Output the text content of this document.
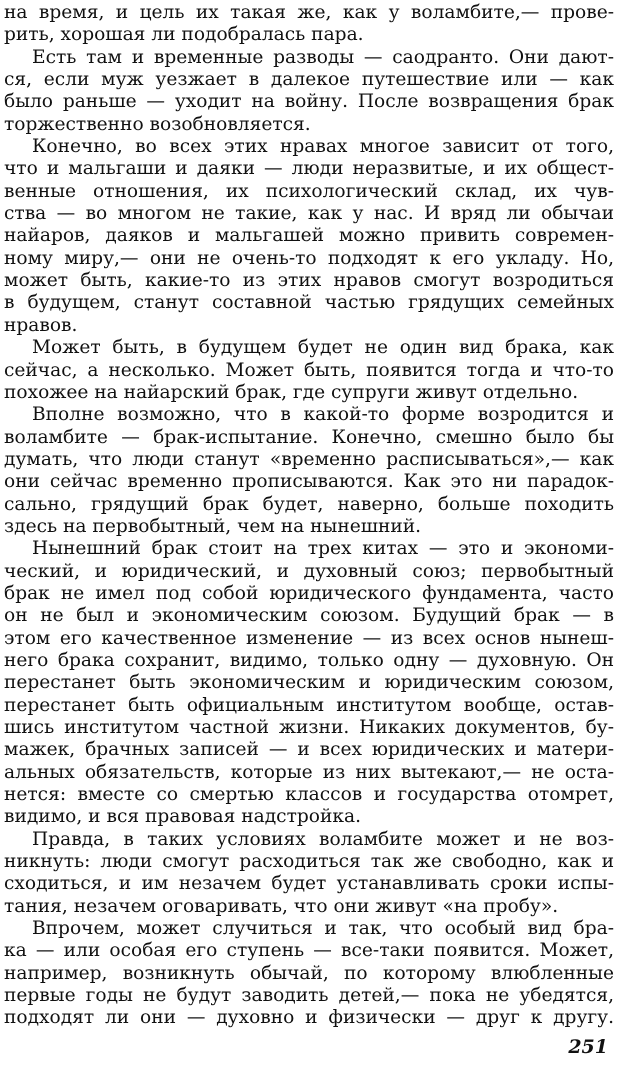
на время, и цель их такая же, как у воламбите,— прове-
рить, хорошая ли подобралась пара.
Есть там и временные разводы — саодранто. Они дают-
ся, если муж уезжает в далекое путешествие или — как
было раньше — уходит на войну. После возвращения брак
торжественно возобновляется.
Конечно, во всех этих нравах многое зависит от того,
что и мальгаши и даяки — люди неразвитые, и их общест-
венные отношения, их психологический склад, их чув-
ства — во многом не такие, как у нас. И вряд ли обычаи
найаров, даяков и мальгашей можно привить современ-
ному миру,— они не очень-то подходят к его укладу. Но,
может быть, какие-то из этих нравов смогут возродиться
в будущем, станут составной частью грядущих семейных
нравов.
Может быть, в будущем будет не один вид брака, как
сейчас, а несколько. Может быть, появится тогда и что-то
похожее на найарский брак, где супруги живут отдельно.
Вполне возможно, что в какой-то форме возродится и
воламбите — брак-испытание. Конечно, смешно было бы
думать, что люди станут «временно расписываться»,— как
они сейчас временно прописываются. Как это ни парадок-
сально, грядущий брак будет, наверно, больше походить
здесь на первобытный, чем на нынешний.
Нынешний брак стоит на трех китах — это и экономи-
ческий, и юридический, и духовный союз; первобытный
брак не имел под собой юридического фундамента, часто
он не был и экономическим союзом. Будущий брак — в
этом его качественное изменение — из всех основ нынеш-
него брака сохранит, видимо, только одну — духовную. Он
перестанет быть экономическим и юридическим союзом,
перестанет быть официальным институтом вообще, остав-
шись институтом частной жизни. Никаких документов, бу-
мажек, брачных записей — и всех юридических и матери-
альных обязательств, которые из них вытекают,— не оста-
нется: вместе со смертью классов и государства отомрет,
видимо, и вся правовая надстройка.
Правда, в таких условиях воламбите может и не воз-
никнуть: люди смогут расходиться так же свободно, как и
сходиться, и им незачем будет устанавливать сроки испы-
тания, незачем оговаривать, что они живут «на пробу».
Впрочем, может случиться и так, что особый вид бра-
ка — или особая его ступень — все-таки появится. Может,
например, возникнуть обычай, по которому влюбленные
первые годы не будут заводить детей,— пока не убедятся,
подходят ли они — духовно и физически — друг к другу.
251
